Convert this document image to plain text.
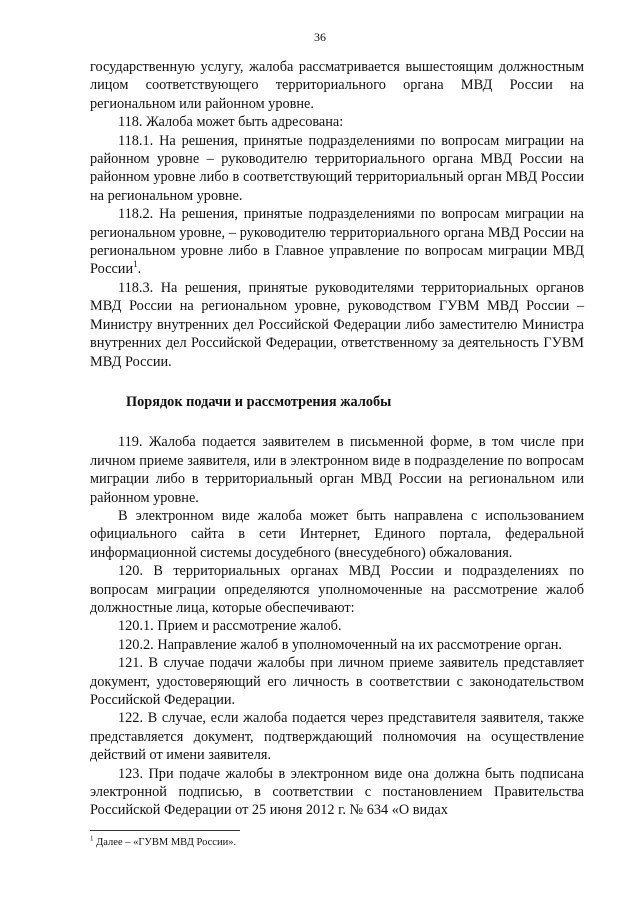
36

государственную услугу, жалоба рассматривается вышестоящим должностным лицом соответствующего территориального органа МВД России на региональном или районном уровне.

118. Жалоба может быть адресована:

118.1. На решения, принятые подразделениями по вопросам миграции на районном уровне – руководителю территориального органа МВД России на районном уровне либо в соответствующий территориальный орган МВД России на региональном уровне.

118.2. На решения, принятые подразделениями по вопросам миграции на региональном уровне, – руководителю территориального органа МВД России на региональном уровне либо в Главное управление по вопросам миграции МВД России$^1$.

118.3. На решения, принятые руководителями территориальных органов МВД России на региональном уровне, руководством ГУВМ МВД России – Министру внутренних дел Российской Федерации либо заместителю Министра внутренних дел Российской Федерации, ответственному за деятельность ГУВМ МВД России.

Порядок подачи и рассмотрения жалобы

119. Жалоба подается заявителем в письменной форме, в том числе при личном приеме заявителя, или в электронном виде в подразделение по вопросам миграции либо в территориальный орган МВД России на региональном или районном уровне.

В электронном виде жалоба может быть направлена с использованием официального сайта в сети Интернет, Единого портала, федеральной информационной системы досудебного (внесудебного) обжалования.

120. В территориальных органах МВД России и подразделениях по вопросам миграции определяются уполномоченные на рассмотрение жалоб должностные лица, которые обеспечивают:

120.1. Прием и рассмотрение жалоб.

120.2. Направление жалоб в уполномоченный на их рассмотрение орган.

121. В случае подачи жалобы при личном приеме заявитель представляет документ, удостоверяющий его личность в соответствии с законодательством Российской Федерации.

122. В случае, если жалоба подается через представителя заявителя, также представляется документ, подтверждающий полномочия на осуществление действий от имени заявителя.

123. При подаче жалобы в электронном виде она должна быть подписана электронной подписью, в соответствии с постановлением Правительства Российской Федерации от 25 июня 2012 г. № 634 «О видах

$^1$ Далее – «ГУВМ МВД России».
